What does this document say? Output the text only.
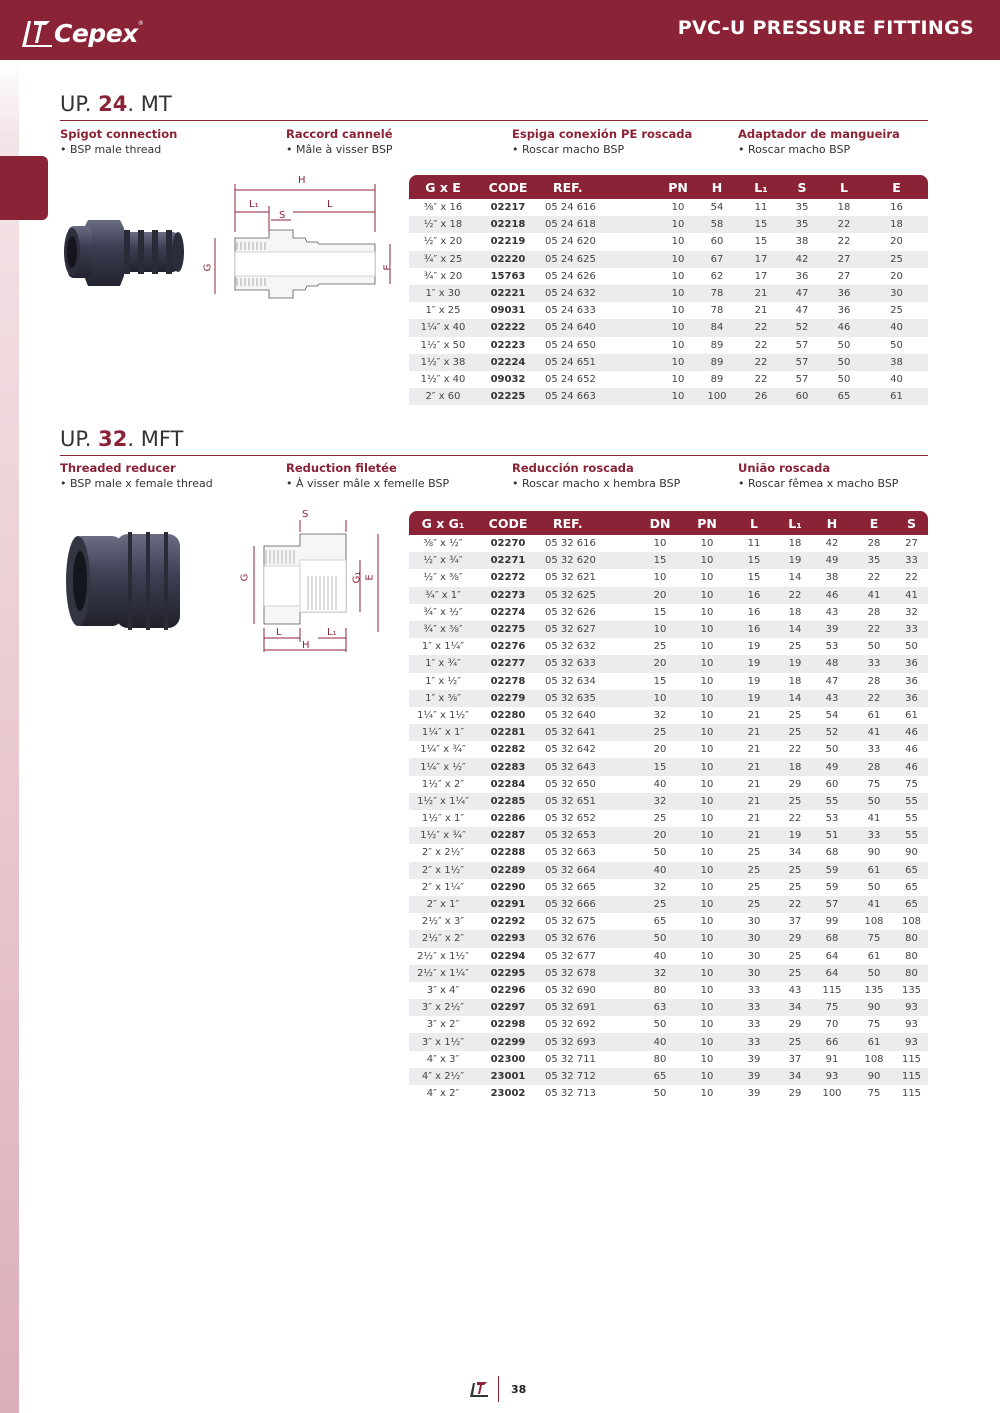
Cepex ®	PVC-U PRESSURE FITTINGS
UP. 24. MT
Spigot connection
• BSP male thread
Raccord cannelé
• Mâle à visser BSP
Espiga conexión PE roscada
• Roscar macho BSP
Adaptador de mangueira
• Roscar macho BSP
H
L₁
S
L
G	E
G x E	CODE	REF.	PN	H	L₁	S	L	E
⅜″ x 16	02217	05 24 616	10	54	11	35	18	16
½″ x 18	02218	05 24 618	10	58	15	35	22	18
½″ x 20	02219	05 24 620	10	60	15	38	22	20
¾″ x 25	02220	05 24 625	10	67	17	42	27	25
¾″ x 20	15763	05 24 626	10	62	17	36	27	20
1″ x 30	02221	05 24 632	10	78	21	47	36	30
1″ x 25	09031	05 24 633	10	78	21	47	36	25
1¼″ x 40	02222	05 24 640	10	84	22	52	46	40
1½″ x 50	02223	05 24 650	10	89	22	57	50	50
1½″ x 38	02224	05 24 651	10	89	22	57	50	38
1½″ x 40	09032	05 24 652	10	89	22	57	50	40
2″ x 60	02225	05 24 663	10	100	26	60	65	61
UP. 32. MFT
Threaded reducer
• BSP male x female thread
Reduction filetée
• À visser mâle x femelle BSP
Reducción roscada
• Roscar macho x hembra BSP
União roscada
• Roscar fêmea x macho BSP
S
G	G₁ E
L	L₁
H
G x G₁	CODE	REF.	DN	PN	L	L₁	H	E	S
⅜″ x ½″	02270	05 32 616	10	10	11	18	42	28	27
½″ x ¾″	02271	05 32 620	15	10	15	19	49	35	33
½″ x ⅜″	02272	05 32 621	10	10	15	14	38	22	22
¾″ x 1″	02273	05 32 625	20	10	16	22	46	41	41
¾″ x ½″	02274	05 32 626	15	10	16	18	43	28	32
¾″ x ⅜″	02275	05 32 627	10	10	16	14	39	22	33
1″ x 1¼″	02276	05 32 632	25	10	19	25	53	50	50
1″ x ¾″	02277	05 32 633	20	10	19	19	48	33	36
1″ x ½″	02278	05 32 634	15	10	19	18	47	28	36
1″ x ⅜″	02279	05 32 635	10	10	19	14	43	22	36
1¼″ x 1½″	02280	05 32 640	32	10	21	25	54	61	61
1¼″ x 1″	02281	05 32 641	25	10	21	25	52	41	46
1¼″ x ¾″	02282	05 32 642	20	10	21	22	50	33	46
1¼″ x ½″	02283	05 32 643	15	10	21	18	49	28	46
1½″ x 2″	02284	05 32 650	40	10	21	29	60	75	75
1½″ x 1¼″	02285	05 32 651	32	10	21	25	55	50	55
1½″ x 1″	02286	05 32 652	25	10	21	22	53	41	55
1½″ x ¾″	02287	05 32 653	20	10	21	19	51	33	55
2″ x 2½″	02288	05 32 663	50	10	25	34	68	90	90
2″ x 1½″	02289	05 32 664	40	10	25	25	59	61	65
2″ x 1¼″	02290	05 32 665	32	10	25	25	59	50	65
2″ x 1″	02291	05 32 666	25	10	25	22	57	41	65
2½″ x 3″	02292	05 32 675	65	10	30	37	99	108	108
2½″ x 2″	02293	05 32 676	50	10	30	29	68	75	80
2½″ x 1½″	02294	05 32 677	40	10	30	25	64	61	80
2½″ x 1¼″	02295	05 32 678	32	10	30	25	64	50	80
3″ x 4″	02296	05 32 690	80	10	33	43	115	135	135
3″ x 2½″	02297	05 32 691	63	10	33	34	75	90	93
3″ x 2″	02298	05 32 692	50	10	33	29	70	75	93
3″ x 1½″	02299	05 32 693	40	10	33	25	66	61	93
4″ x 3″	02300	05 32 711	80	10	39	37	91	108	115
4″ x 2½″	23001	05 32 712	65	10	39	34	93	90	115
4″ x 2″	23002	05 32 713	50	10	39	29	100	75	115
38
